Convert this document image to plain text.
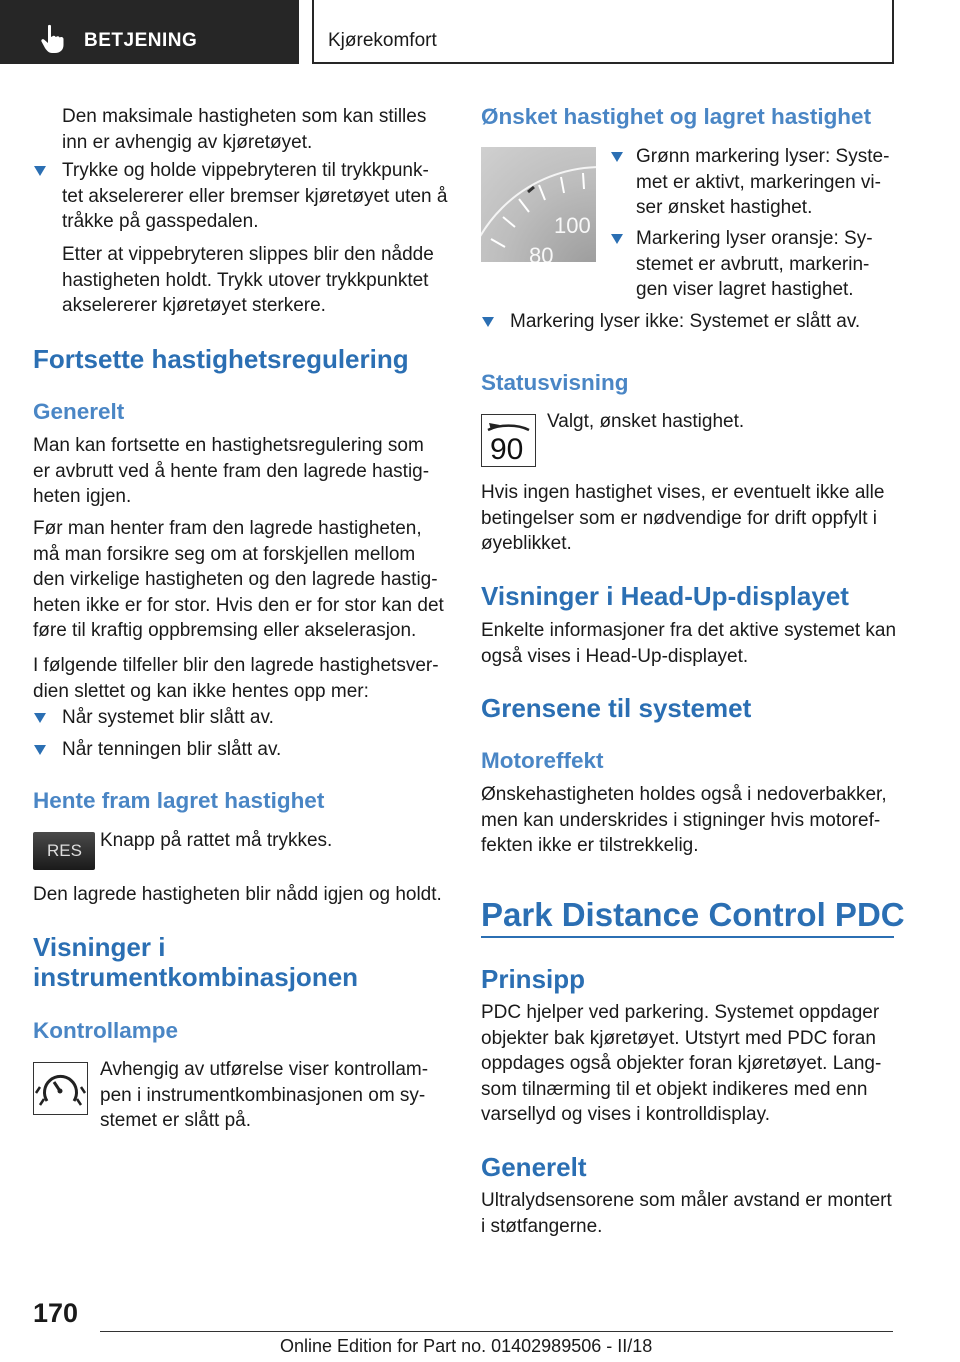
BETJENING	Kjørekomfort

Den maksimale hastigheten som kan stilles
inn er avhengig av kjøretøyet.

Trykke og holde vippebryteren til trykkpunk-
tet akselererer eller bremser kjøretøyet uten å
tråkke på gasspedalen.

Etter at vippebryteren slippes blir den nådde
hastigheten holdt. Trykk utover trykkpunktet
akselererer kjøretøyet sterkere.

Fortsette hastighetsregulering
Generelt

Man kan fortsette en hastighetsregulering som
er avbrutt ved å hente fram den lagrede hastig-
heten igjen.

Før man henter fram den lagrede hastigheten,
må man forsikre seg om at forskjellen mellom
den virkelige hastigheten og den lagrede hastig-
heten ikke er for stor. Hvis den er for stor kan det
føre til kraftig oppbremsing eller akselerasjon.

I følgende tilfeller blir den lagrede hastighetsver-
dien slettet og kan ikke hentes opp mer:

Når systemet blir slått av.

Når tenningen blir slått av.

Hente fram lagret hastighet
RES Knapp på rattet må trykkes.

Den lagrede hastigheten blir nådd igjen og holdt.

Visninger i
instrumentkombinasjonen
Kontrollampe

Avhengig av utførelse viser kontrollam-
pen i instrumentkombinasjonen om sy-
stemet er slått på.

Ønsket hastighet og lagret hastighet
100
80

Grønn markering lyser: Syste-
met er aktivt, markeringen vi-
ser ønsket hastighet.

Markering lyser oransje: Sy-
stemet er avbrutt, markerin-
gen viser lagret hastighet.

Markering lyser ikke: Systemet er slått av.

Statusvisning
90

Valgt, ønsket hastighet.

Hvis ingen hastighet vises, er eventuelt ikke alle
betingelser som er nødvendige for drift oppfylt i
øyeblikket.

Visninger i Head-Up-displayet

Enkelte informasjoner fra det aktive systemet kan
også vises i Head-Up-displayet.

Grensene til systemet
Motoreffekt

Ønskehastigheten holdes også i nedoverbakker,
men kan underskrides i stigninger hvis motoref-
fekten ikke er tilstrekkelig.

Park Distance Control PDC
Prinsipp

PDC hjelper ved parkering. Systemet oppdager
objekter bak kjøretøyet. Utstyrt med PDC foran
oppdages også objekter foran kjøretøyet. Lang-
som tilnærming til et objekt indikeres med enn
varsellyd og vises i kontrolldisplay.

Generelt

Ultralydsensorene som måler avstand er montert
i støtfangerne.

170
Online Edition for Part no. 01402989506 - II/18
